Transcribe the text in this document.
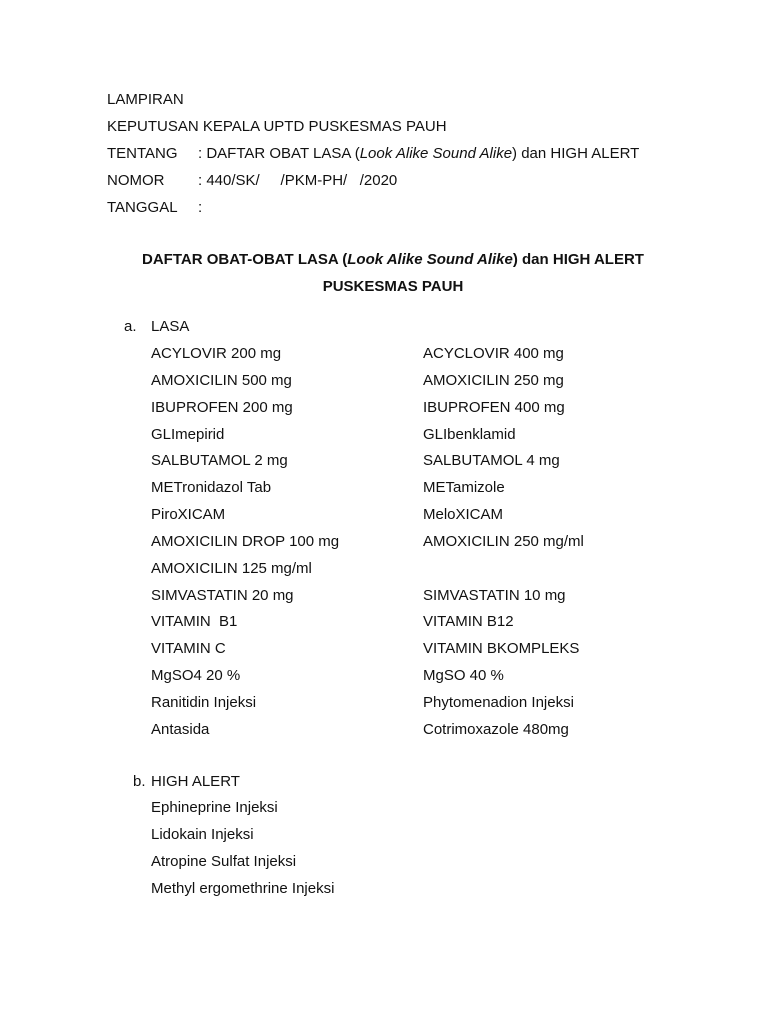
LAMPIRAN
KEPUTUSAN KEPALA UPTD PUSKESMAS PAUH
TENTANG : DAFTAR OBAT LASA (Look Alike Sound Alike) dan HIGH ALERT
NOMOR : 440/SK/     /PKM-PH/   /2020
TANGGAL :
DAFTAR OBAT-OBAT LASA (Look Alike Sound Alike) dan HIGH ALERT
PUSKESMAS PAUH
a. LASA
ACYLOVIR 200 mg	ACYCLOVIR 400 mg
AMOXICILIN 500 mg	AMOXICILIN 250 mg
IBUPROFEN 200 mg	IBUPROFEN 400 mg
GLImepirid	GLIbenklamid
SALBUTAMOL 2 mg	SALBUTAMOL 4 mg
METronidazol Tab	METamizole
PiroXICAM	MeloXICAM
AMOXICILIN DROP 100 mg	AMOXICILIN 250 mg/ml
AMOXICILIN 125 mg/ml
SIMVASTATIN 20 mg	SIMVASTATIN 10 mg
VITAMIN  B1	VITAMIN B12
VITAMIN C	VITAMIN BKOMPLEKS
MgSO4 20 %	MgSO 40 %
Ranitidin Injeksi	Phytomenadion Injeksi
Antasida	Cotrimoxazole 480mg
b. HIGH ALERT
Ephineprine Injeksi
Lidokain Injeksi
Atropine Sulfat Injeksi
Methyl ergomethrine Injeksi
